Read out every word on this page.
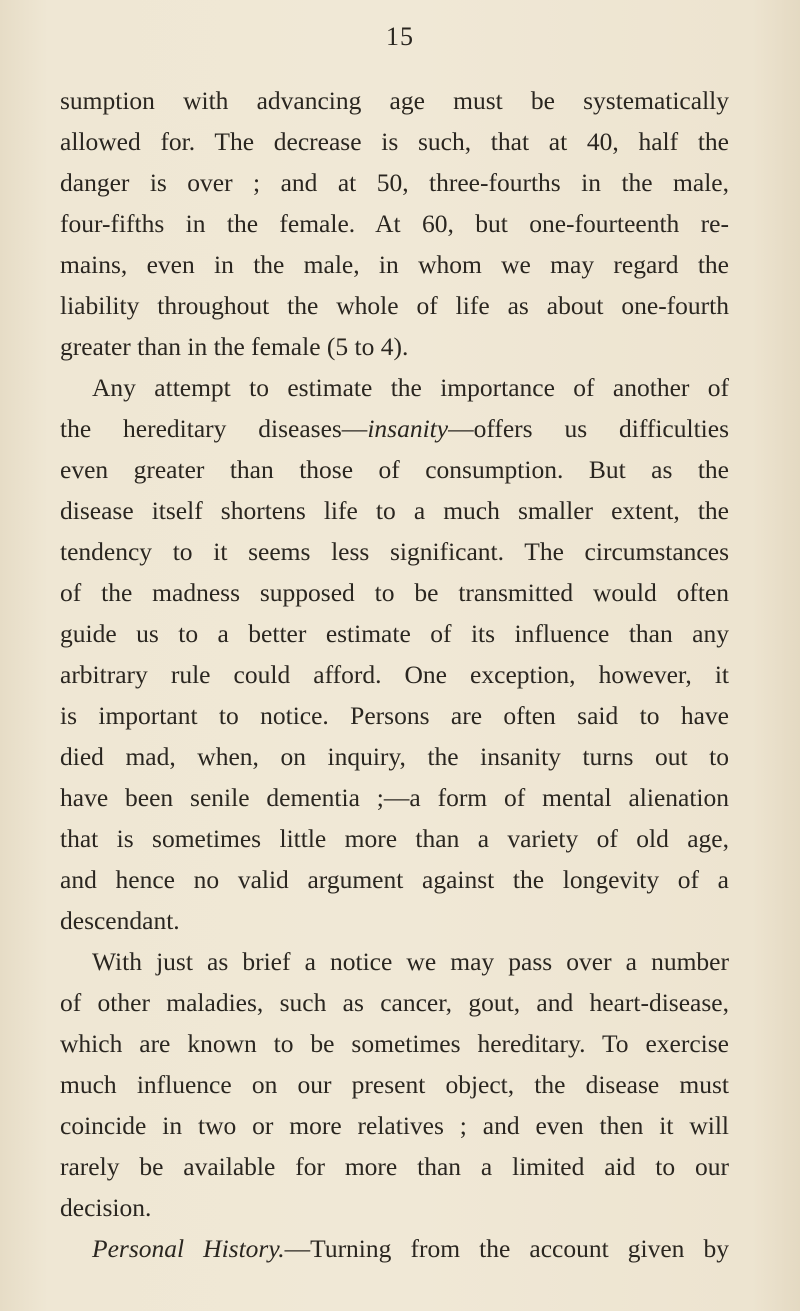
15
sumption with advancing age must be systematically
allowed for. The decrease is such, that at 40, half the
danger is over ; and at 50, three-fourths in the male,
four-fifths in the female. At 60, but one-fourteenth re-
mains, even in the male, in whom we may regard the
liability throughout the whole of life as about one-fourth
greater than in the female (5 to 4).
Any attempt to estimate the importance of another of
the hereditary diseases—insanity—offers us difficulties
even greater than those of consumption. But as the
disease itself shortens life to a much smaller extent, the
tendency to it seems less significant. The circumstances
of the madness supposed to be transmitted would often
guide us to a better estimate of its influence than any
arbitrary rule could afford. One exception, however, it
is important to notice. Persons are often said to have
died mad, when, on inquiry, the insanity turns out to
have been senile dementia ;—a form of mental alienation
that is sometimes little more than a variety of old age,
and hence no valid argument against the longevity of a
descendant.
With just as brief a notice we may pass over a number
of other maladies, such as cancer, gout, and heart-disease,
which are known to be sometimes hereditary. To exercise
much influence on our present object, the disease must
coincide in two or more relatives ; and even then it will
rarely be available for more than a limited aid to our
decision.
Personal History.—Turning from the account given by
